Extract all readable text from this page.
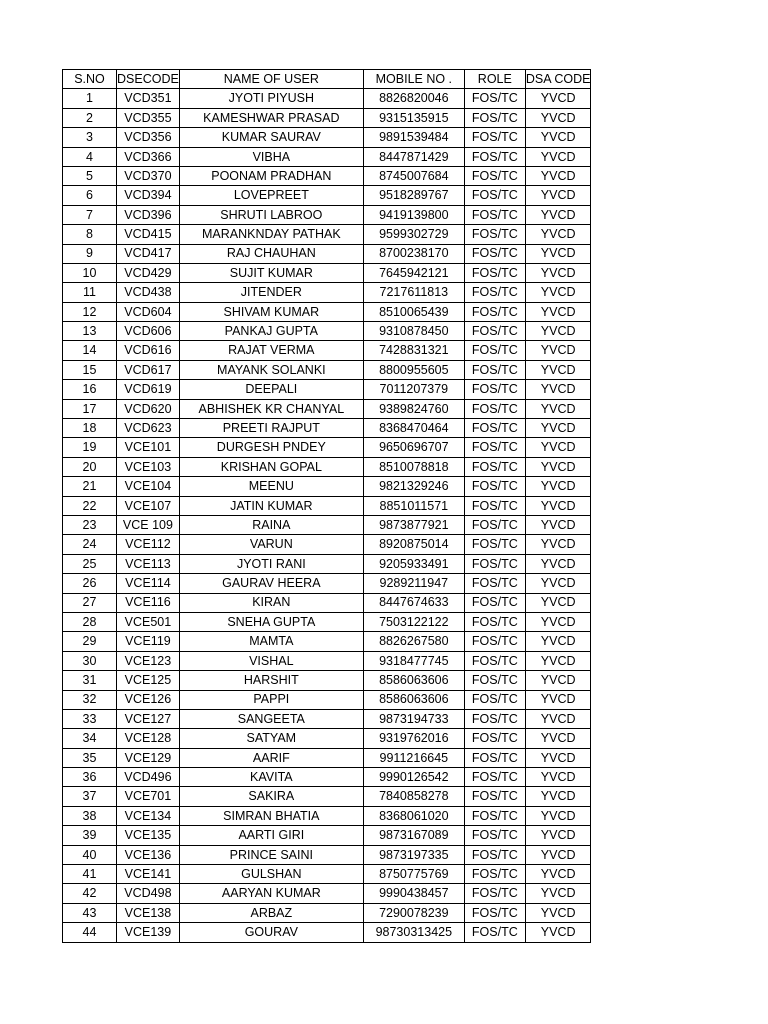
S.NO	DSECODE	NAME OF USER	MOBILE NO .	ROLE	DSA CODE
1	VCD351	JYOTI PIYUSH	8826820046	FOS/TC	YVCD
2	VCD355	KAMESHWAR PRASAD	9315135915	FOS/TC	YVCD
3	VCD356	KUMAR SAURAV	9891539484	FOS/TC	YVCD
4	VCD366	VIBHA	8447871429	FOS/TC	YVCD
5	VCD370	POONAM PRADHAN	8745007684	FOS/TC	YVCD
6	VCD394	LOVEPREET	9518289767	FOS/TC	YVCD
7	VCD396	SHRUTI LABROO	9419139800	FOS/TC	YVCD
8	VCD415	MARANKNDAY PATHAK	9599302729	FOS/TC	YVCD
9	VCD417	RAJ CHAUHAN	8700238170	FOS/TC	YVCD
10	VCD429	SUJIT KUMAR	7645942121	FOS/TC	YVCD
11	VCD438	JITENDER	7217611813	FOS/TC	YVCD
12	VCD604	SHIVAM KUMAR	8510065439	FOS/TC	YVCD
13	VCD606	PANKAJ GUPTA	9310878450	FOS/TC	YVCD
14	VCD616	RAJAT VERMA	7428831321	FOS/TC	YVCD
15	VCD617	MAYANK SOLANKI	8800955605	FOS/TC	YVCD
16	VCD619	DEEPALI	7011207379	FOS/TC	YVCD
17	VCD620	ABHISHEK KR CHANYAL	9389824760	FOS/TC	YVCD
18	VCD623	PREETI RAJPUT	8368470464	FOS/TC	YVCD
19	VCE101	DURGESH PNDEY	9650696707	FOS/TC	YVCD
20	VCE103	KRISHAN GOPAL	8510078818	FOS/TC	YVCD
21	VCE104	MEENU	9821329246	FOS/TC	YVCD
22	VCE107	JATIN KUMAR	8851011571	FOS/TC	YVCD
23	VCE 109	RAINA	9873877921	FOS/TC	YVCD
24	VCE112	VARUN	8920875014	FOS/TC	YVCD
25	VCE113	JYOTI RANI	9205933491	FOS/TC	YVCD
26	VCE114	GAURAV HEERA	9289211947	FOS/TC	YVCD
27	VCE116	KIRAN	8447674633	FOS/TC	YVCD
28	VCE501	SNEHA GUPTA	7503122122	FOS/TC	YVCD
29	VCE119	MAMTA	8826267580	FOS/TC	YVCD
30	VCE123	VISHAL	9318477745	FOS/TC	YVCD
31	VCE125	HARSHIT	8586063606	FOS/TC	YVCD
32	VCE126	PAPPI	8586063606	FOS/TC	YVCD
33	VCE127	SANGEETA	9873194733	FOS/TC	YVCD
34	VCE128	SATYAM	9319762016	FOS/TC	YVCD
35	VCE129	AARIF	9911216645	FOS/TC	YVCD
36	VCD496	KAVITA	9990126542	FOS/TC	YVCD
37	VCE701	SAKIRA	7840858278	FOS/TC	YVCD
38	VCE134	SIMRAN BHATIA	8368061020	FOS/TC	YVCD
39	VCE135	AARTI GIRI	9873167089	FOS/TC	YVCD
40	VCE136	PRINCE SAINI	9873197335	FOS/TC	YVCD
41	VCE141	GULSHAN	8750775769	FOS/TC	YVCD
42	VCD498	AARYAN KUMAR	9990438457	FOS/TC	YVCD
43	VCE138	ARBAZ	7290078239	FOS/TC	YVCD
44	VCE139	GOURAV	98730313425	FOS/TC	YVCD
